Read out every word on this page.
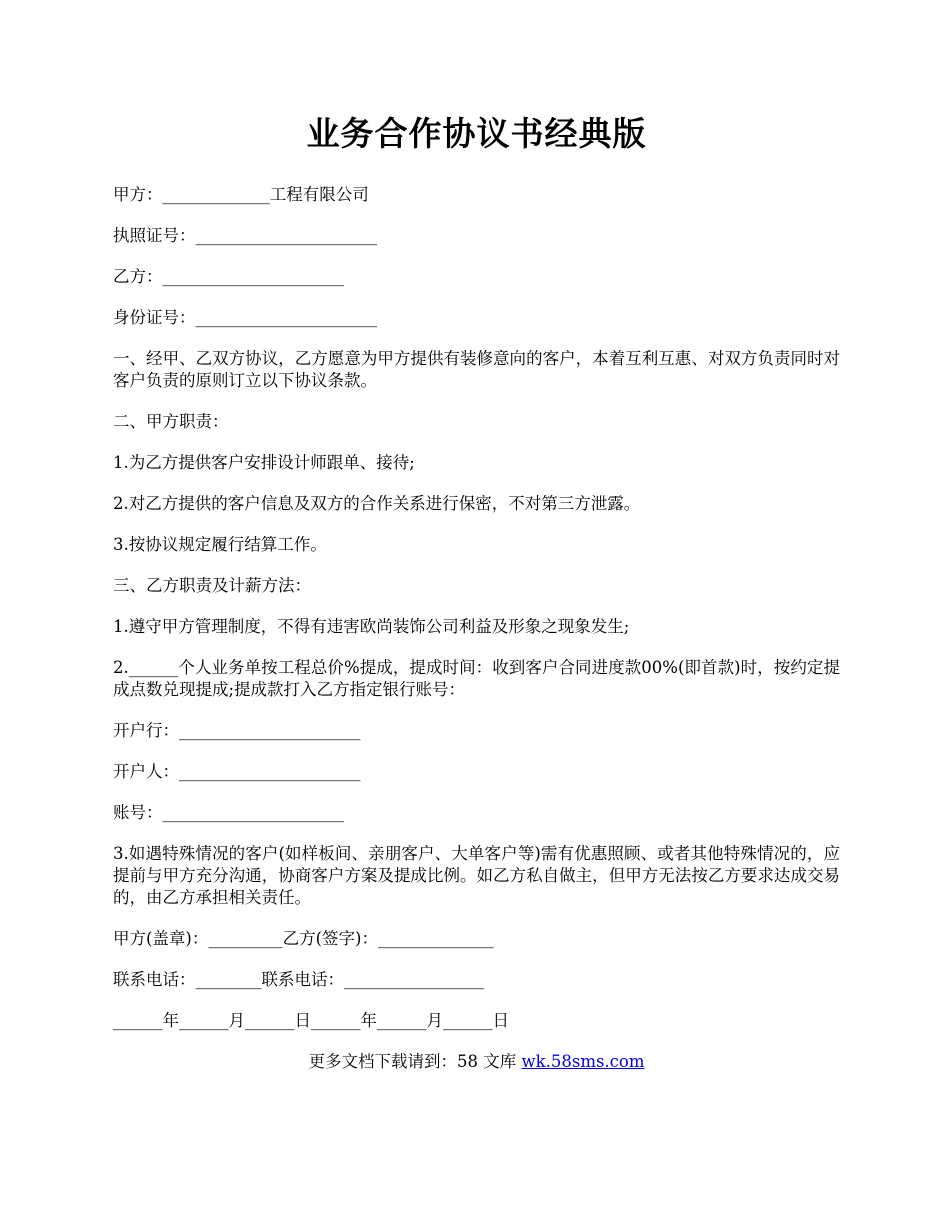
业务合作协议书经典版

甲方：_____________工程有限公司

执照证号：______________________

乙方：______________________

身份证号：______________________

一、经甲、乙双方协议，乙方愿意为甲方提供有装修意向的客户，本着互利互惠、对双方负责同时对客户负责的原则订立以下协议条款。

二、甲方职责：

1.为乙方提供客户安排设计师跟单、接待;

2.对乙方提供的客户信息及双方的合作关系进行保密，不对第三方泄露。

3.按协议规定履行结算工作。

三、乙方职责及计薪方法：

1.遵守甲方管理制度，不得有违害欧尚装饰公司利益及形象之现象发生;

2.______个人业务单按工程总价%提成，提成时间：收到客户合同进度款00%(即首款)时，按约定提成点数兑现提成;提成款打入乙方指定银行账号：

开户行：______________________

开户人：______________________

账号：______________________

3.如遇特殊情况的客户(如样板间、亲朋客户、大单客户等)需有优惠照顾、或者其他特殊情况的，应提前与甲方充分沟通，协商客户方案及提成比例。如乙方私自做主，但甲方无法按乙方要求达成交易的，由乙方承担相关责任。

甲方(盖章)：_________乙方(签字)：______________

联系电话：________联系电话：_________________

______年______月______日______年______月______日

更多文档下载请到：58 文库 wk.58sms.com
